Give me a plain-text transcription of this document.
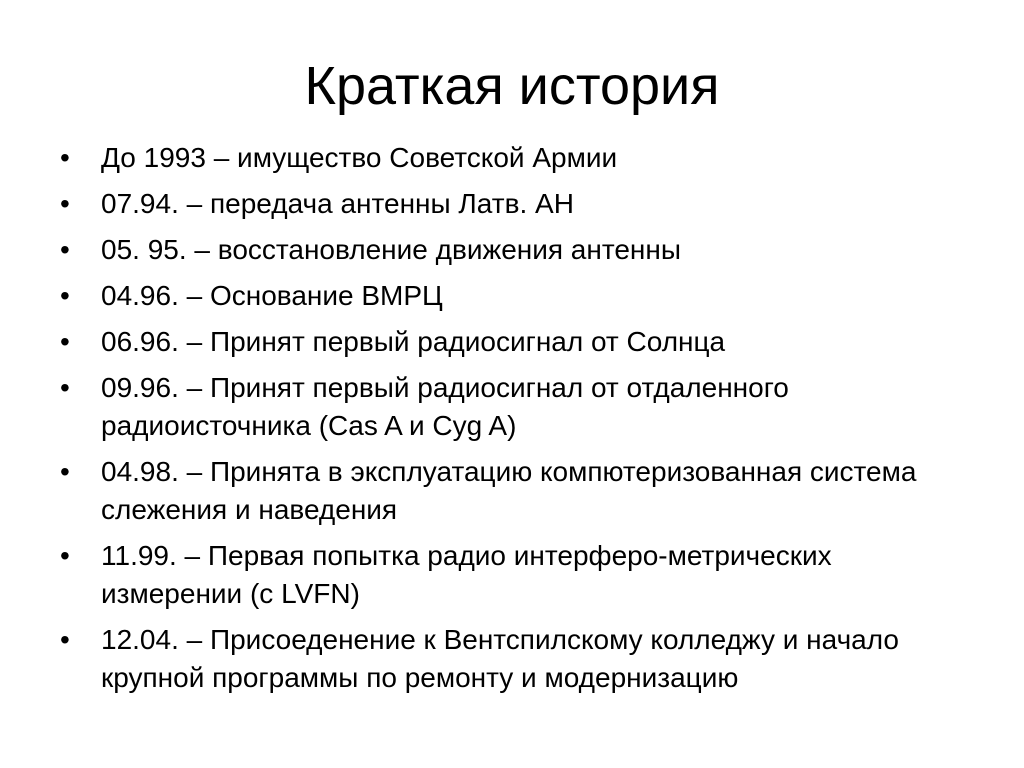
Краткая история
•	До 1993 – имущество Советской Армии
•	07.94. – передача антенны Латв. АН
•	05. 95. – восстановление движения антенны
•	04.96. – Основание ВМРЦ
•	06.96. – Принят первый радиосигнал от Солнца
•	09.96. – Принят первый радиосигнал от отдаленного радиоисточника (Cas A и Cyg A)
•	04.98. – Принята в эксплуатацию компютеризованная система слежения и наведения
•	11.99. – Первая попытка радио интерферо-метрических измерении (с LVFN)
•	12.04. – Присоеденение к Вентспилскому колледжу и начало крупной программы по ремонту и модернизацию
